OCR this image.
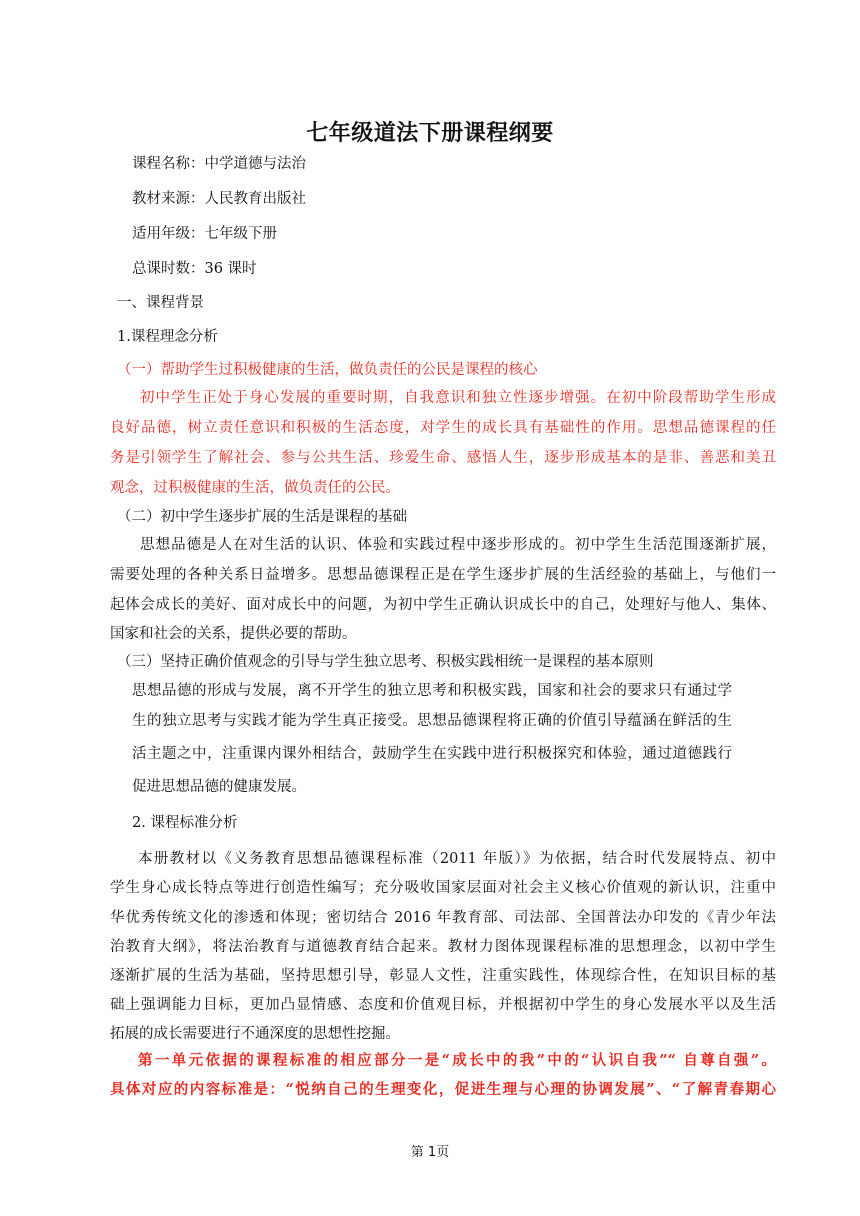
七年级道法下册课程纲要
课程名称：中学道德与法治
教材来源：人民教育出版社
适用年级：七年级下册
总课时数：36 课时
一、课程背景
1.课程理念分析
（一）帮助学生过积极健康的生活，做负责任的公民是课程的核心
初中学生正处于身心发展的重要时期，自我意识和独立性逐步增强。在初中阶段帮助学生形成
良好品德，树立责任意识和积极的生活态度，对学生的成长具有基础性的作用。思想品德课程的任
务是引领学生了解社会、参与公共生活、珍爱生命、感悟人生，逐步形成基本的是非、善恶和美丑
观念，过积极健康的生活，做负责任的公民。
（二）初中学生逐步扩展的生活是课程的基础
思想品德是人在对生活的认识、体验和实践过程中逐步形成的。初中学生生活范围逐渐扩展，
需要处理的各种关系日益增多。思想品德课程正是在学生逐步扩展的生活经验的基础上，与他们一
起体会成长的美好、面对成长中的问题，为初中学生正确认识成长中的自己，处理好与他人、集体、
国家和社会的关系，提供必要的帮助。
（三）坚持正确价值观念的引导与学生独立思考、积极实践相统一是课程的基本原则
思想品德的形成与发展，离不开学生的独立思考和积极实践，国家和社会的要求只有通过学
生的独立思考与实践才能为学生真正接受。思想品德课程将正确的价值引导蕴涵在鲜活的生
活主题之中，注重课内课外相结合，鼓励学生在实践中进行积极探究和体验，通过道德践行
促进思想品德的健康发展。
2. 课程标准分析
本册教材以《义务教育思想品德课程标准（2011 年版）》为依据，结合时代发展特点、初中
学生身心成长特点等进行创造性编写；充分吸收国家层面对社会主义核心价值观的新认识，注重中
华优秀传统文化的渗透和体现；密切结合 2016 年教育部、司法部、全国普法办印发的《青少年法
治教育大纲》，将法治教育与道德教育结合起来。教材力图体现课程标准的思想理念，以初中学生
逐渐扩展的生活为基础，坚持思想引导，彰显人文性，注重实践性，体现综合性，在知识目标的基
础上强调能力目标，更加凸显情感、态度和价值观目标，并根据初中学生的身心发展水平以及生活
拓展的成长需要进行不通深度的思想性挖掘。
第一单元依据的课程标准的相应部分一是“成长中的我”中的“认识自我”“ 自尊自强”。
具体对应的内容标准是：“悦纳自己的生理变化，促进生理与心理的协调发展”、“了解青春期心
第 1页
